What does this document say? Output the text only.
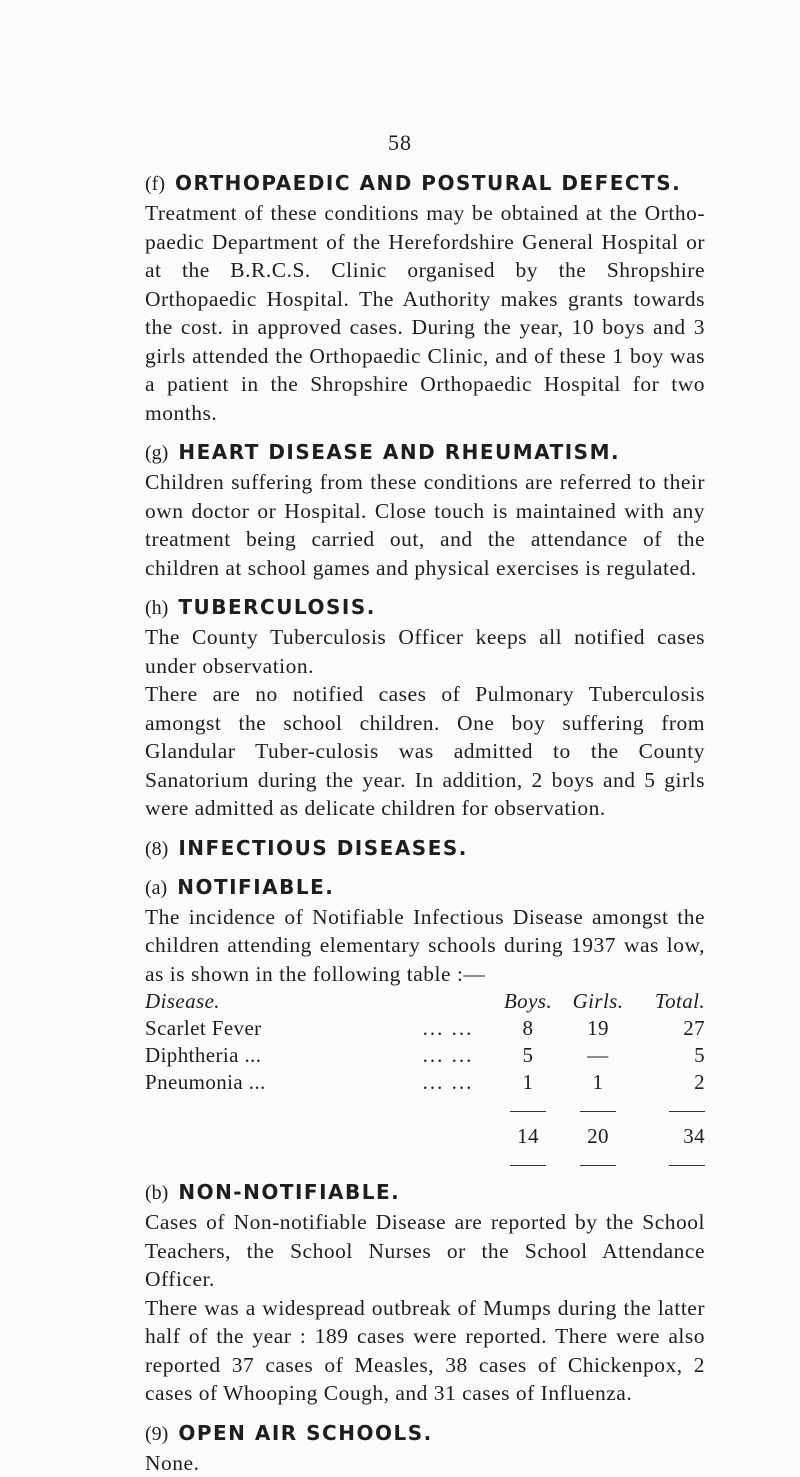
58
(f) ORTHOPAEDIC AND POSTURAL DEFECTS.

Treatment of these conditions may be obtained at the Ortho-paedic Department of the Herefordshire General Hospital or at the B.R.C.S. Clinic organised by the Shropshire Orthopaedic Hospital. The Authority makes grants towards the cost. in approved cases. During the year, 10 boys and 3 girls attended the Orthopaedic Clinic, and of these 1 boy was a patient in the Shropshire Orthopaedic Hospital for two months.

(g) HEART DISEASE AND RHEUMATISM.

Children suffering from these conditions are referred to their own doctor or Hospital. Close touch is maintained with any treatment being carried out, and the attendance of the children at school games and physical exercises is regulated.

(h) TUBERCULOSIS.

The County Tuberculosis Officer keeps all notified cases under observation.

There are no notified cases of Pulmonary Tuberculosis amongst the school children. One boy suffering from Glandular Tuber-culosis was admitted to the County Sanatorium during the year. In addition, 2 boys and 5 girls were admitted as delicate children for observation.

(8) INFECTIOUS DISEASES.
(a) NOTIFIABLE.

The incidence of Notifiable Infectious Disease amongst the children attending elementary schools during 1937 was low, as is shown in the following table :—

Disease.		Boys.	Girls.	Total.
Scarlet Fever	... ...	8	19	27
Diphtheria ...	... ...	5	—	5
Pneumonia ...	... ...	1	1	2

		14	20	34

(b) NON-NOTIFIABLE.

Cases of Non-notifiable Disease are reported by the School Teachers, the School Nurses or the School Attendance Officer.

There was a widespread outbreak of Mumps during the latter half of the year : 189 cases were reported. There were also reported 37 cases of Measles, 38 cases of Chickenpox, 2 cases of Whooping Cough, and 31 cases of Influenza.

(9) OPEN AIR SCHOOLS.

None.
